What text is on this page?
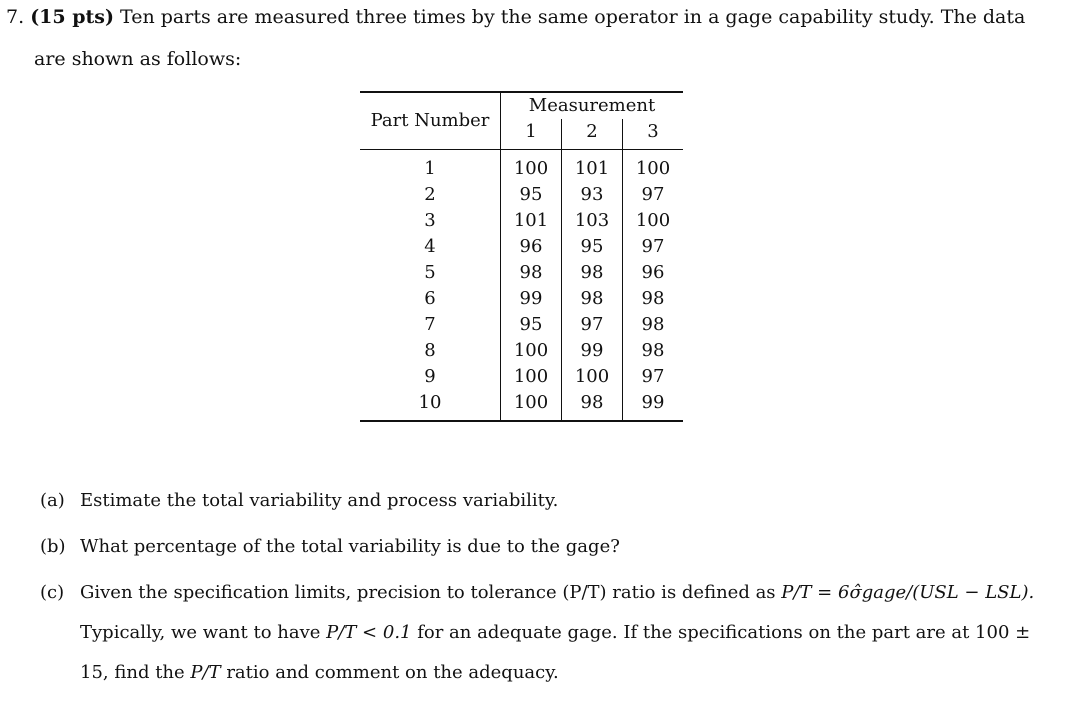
7. (15 pts) Ten parts are measured three times by the same operator in a gage capability study. The data
are shown as follows:
Part Number	Measurement		
	1	2	3
1	100	101	100
2	95	93	97
3	101	103	100
4	96	95	97
5	98	98	96
6	99	98	98
7	95	97	98
8	100	99	98
9	100	100	97
10	100	98	99
(a) Estimate the total variability and process variability.
(b) What percentage of the total variability is due to the gage?
(c) Given the specification limits, precision to tolerance (P/T) ratio is defined as P/T = 6σ̂gage/(USL − LSL). Typically, we want to have P/T < 0.1 for an adequate gage. If the specifications on the part are at 100 ± 15, find the P/T ratio and comment on the adequacy.
